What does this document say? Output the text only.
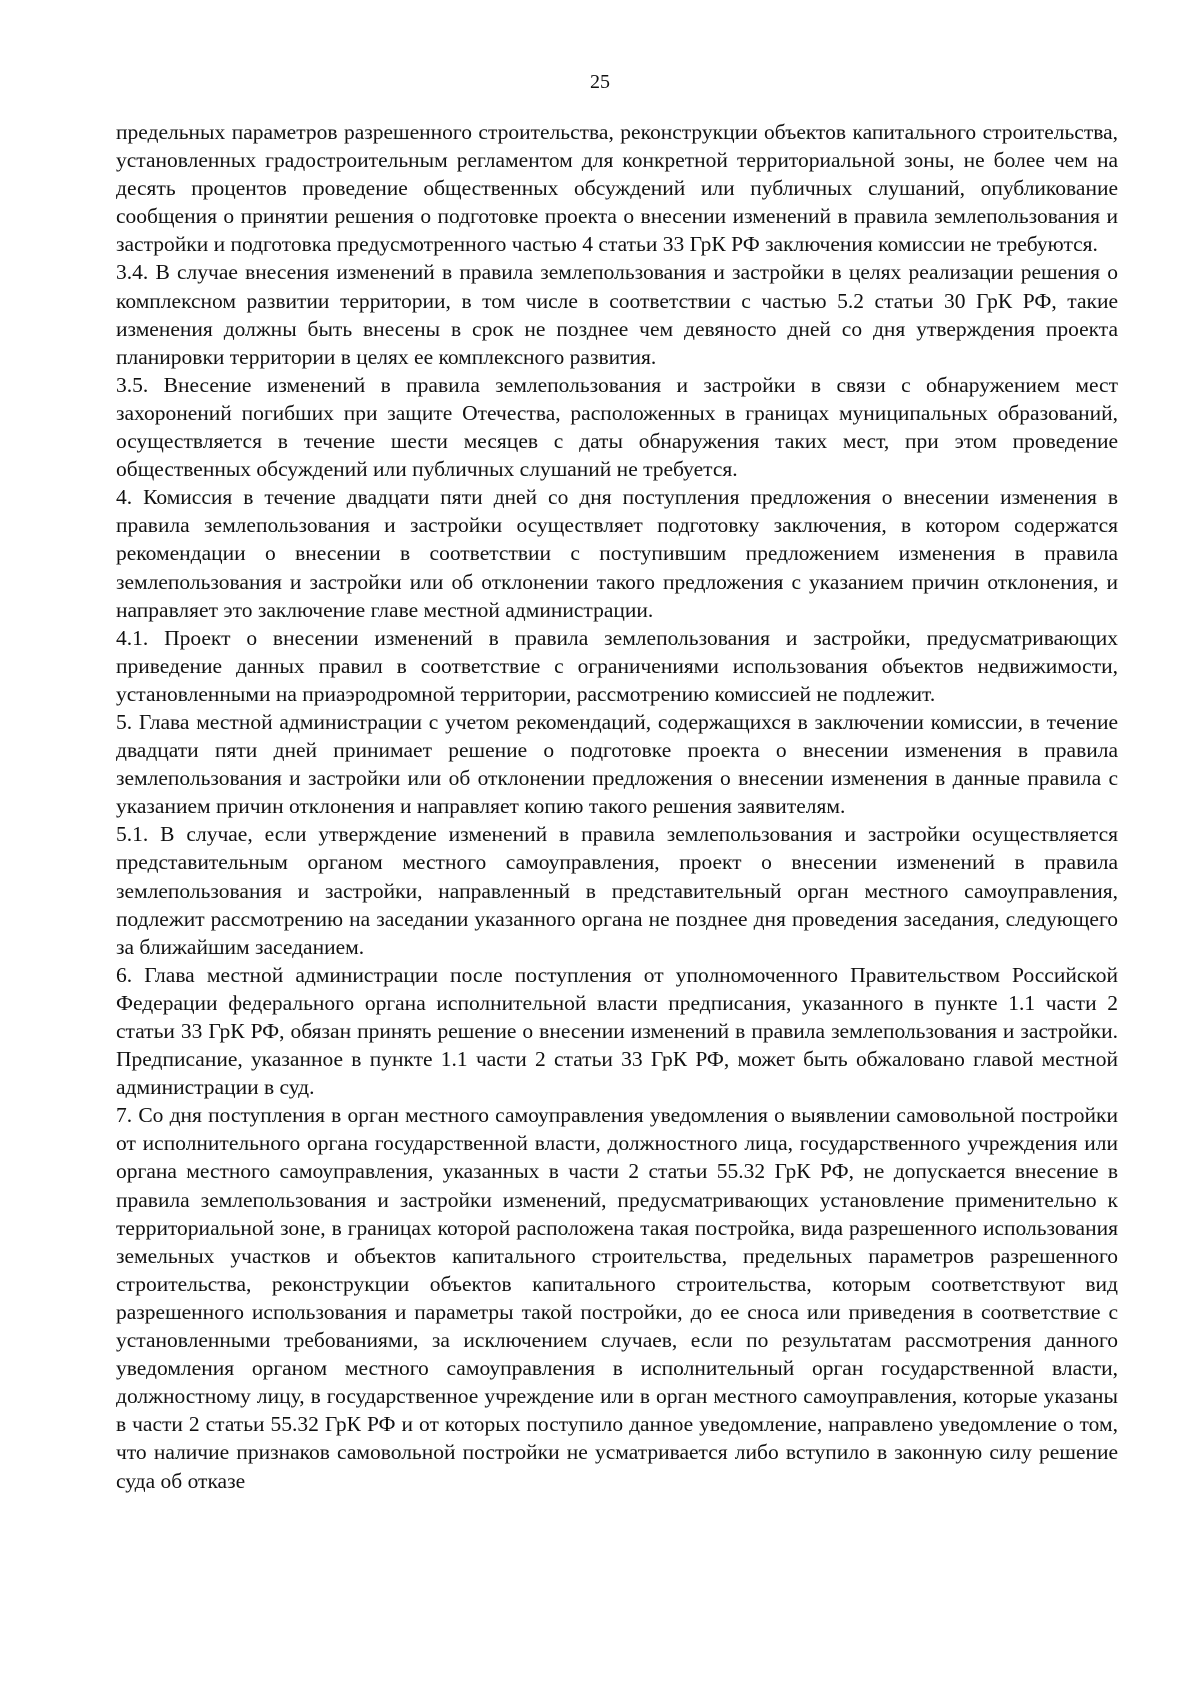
25

предельных параметров разрешенного строительства, реконструкции объектов капитального строительства, установленных градостроительным регламентом для конкретной территориальной зоны, не более чем на десять процентов проведение общественных обсуждений или публичных слушаний, опубликование сообщения о принятии решения о подготовке проекта о внесении изменений в правила землепользования и застройки и подготовка предусмотренного частью 4 статьи 33 ГрК РФ заключения комиссии не требуются.

3.4. В случае внесения изменений в правила землепользования и застройки в целях реализации решения о комплексном развитии территории, в том числе в соответствии с частью 5.2 статьи 30 ГрК РФ, такие изменения должны быть внесены в срок не позднее чем девяносто дней со дня утверждения проекта планировки территории в целях ее комплексного развития.

3.5. Внесение изменений в правила землепользования и застройки в связи с обнаружением мест захоронений погибших при защите Отечества, расположенных в границах муниципальных образований, осуществляется в течение шести месяцев с даты обнаружения таких мест, при этом проведение общественных обсуждений или публичных слушаний не требуется.

4. Комиссия в течение двадцати пяти дней со дня поступления предложения о внесении изменения в правила землепользования и застройки осуществляет подготовку заключения, в котором содержатся рекомендации о внесении в соответствии с поступившим предложением изменения в правила землепользования и застройки или об отклонении такого предложения с указанием причин отклонения, и направляет это заключение главе местной администрации.

4.1. Проект о внесении изменений в правила землепользования и застройки, предусматривающих приведение данных правил в соответствие с ограничениями использования объектов недвижимости, установленными на приаэродромной территории, рассмотрению комиссией не подлежит.

5. Глава местной администрации с учетом рекомендаций, содержащихся в заключении комиссии, в течение двадцати пяти дней принимает решение о подготовке проекта о внесении изменения в правила землепользования и застройки или об отклонении предложения о внесении изменения в данные правила с указанием причин отклонения и направляет копию такого решения заявителям.

5.1. В случае, если утверждение изменений в правила землепользования и застройки осуществляется представительным органом местного самоуправления, проект о внесении изменений в правила землепользования и застройки, направленный в представительный орган местного самоуправления, подлежит рассмотрению на заседании указанного органа не позднее дня проведения заседания, следующего за ближайшим заседанием.

6. Глава местной администрации после поступления от уполномоченного Правительством Российской Федерации федерального органа исполнительной власти предписания, указанного в пункте 1.1 части 2 статьи 33 ГрК РФ, обязан принять решение о внесении изменений в правила землепользования и застройки. Предписание, указанное в пункте 1.1 части 2 статьи 33 ГрК РФ, может быть обжаловано главой местной администрации в суд.

7. Со дня поступления в орган местного самоуправления уведомления о выявлении самовольной постройки от исполнительного органа государственной власти, должностного лица, государственного учреждения или органа местного самоуправления, указанных в части 2 статьи 55.32 ГрК РФ, не допускается внесение в правила землепользования и застройки изменений, предусматривающих установление применительно к территориальной зоне, в границах которой расположена такая постройка, вида разрешенного использования земельных участков и объектов капитального строительства, предельных параметров разрешенного строительства, реконструкции объектов капитального строительства, которым соответствуют вид разрешенного использования и параметры такой постройки, до ее сноса или приведения в соответствие с установленными требованиями, за исключением случаев, если по результатам рассмотрения данного уведомления органом местного самоуправления в исполнительный орган государственной власти, должностному лицу, в государственное учреждение или в орган местного самоуправления, которые указаны в части 2 статьи 55.32 ГрК РФ и от которых поступило данное уведомление, направлено уведомление о том, что наличие признаков самовольной постройки не усматривается либо вступило в законную силу решение суда об отказе
